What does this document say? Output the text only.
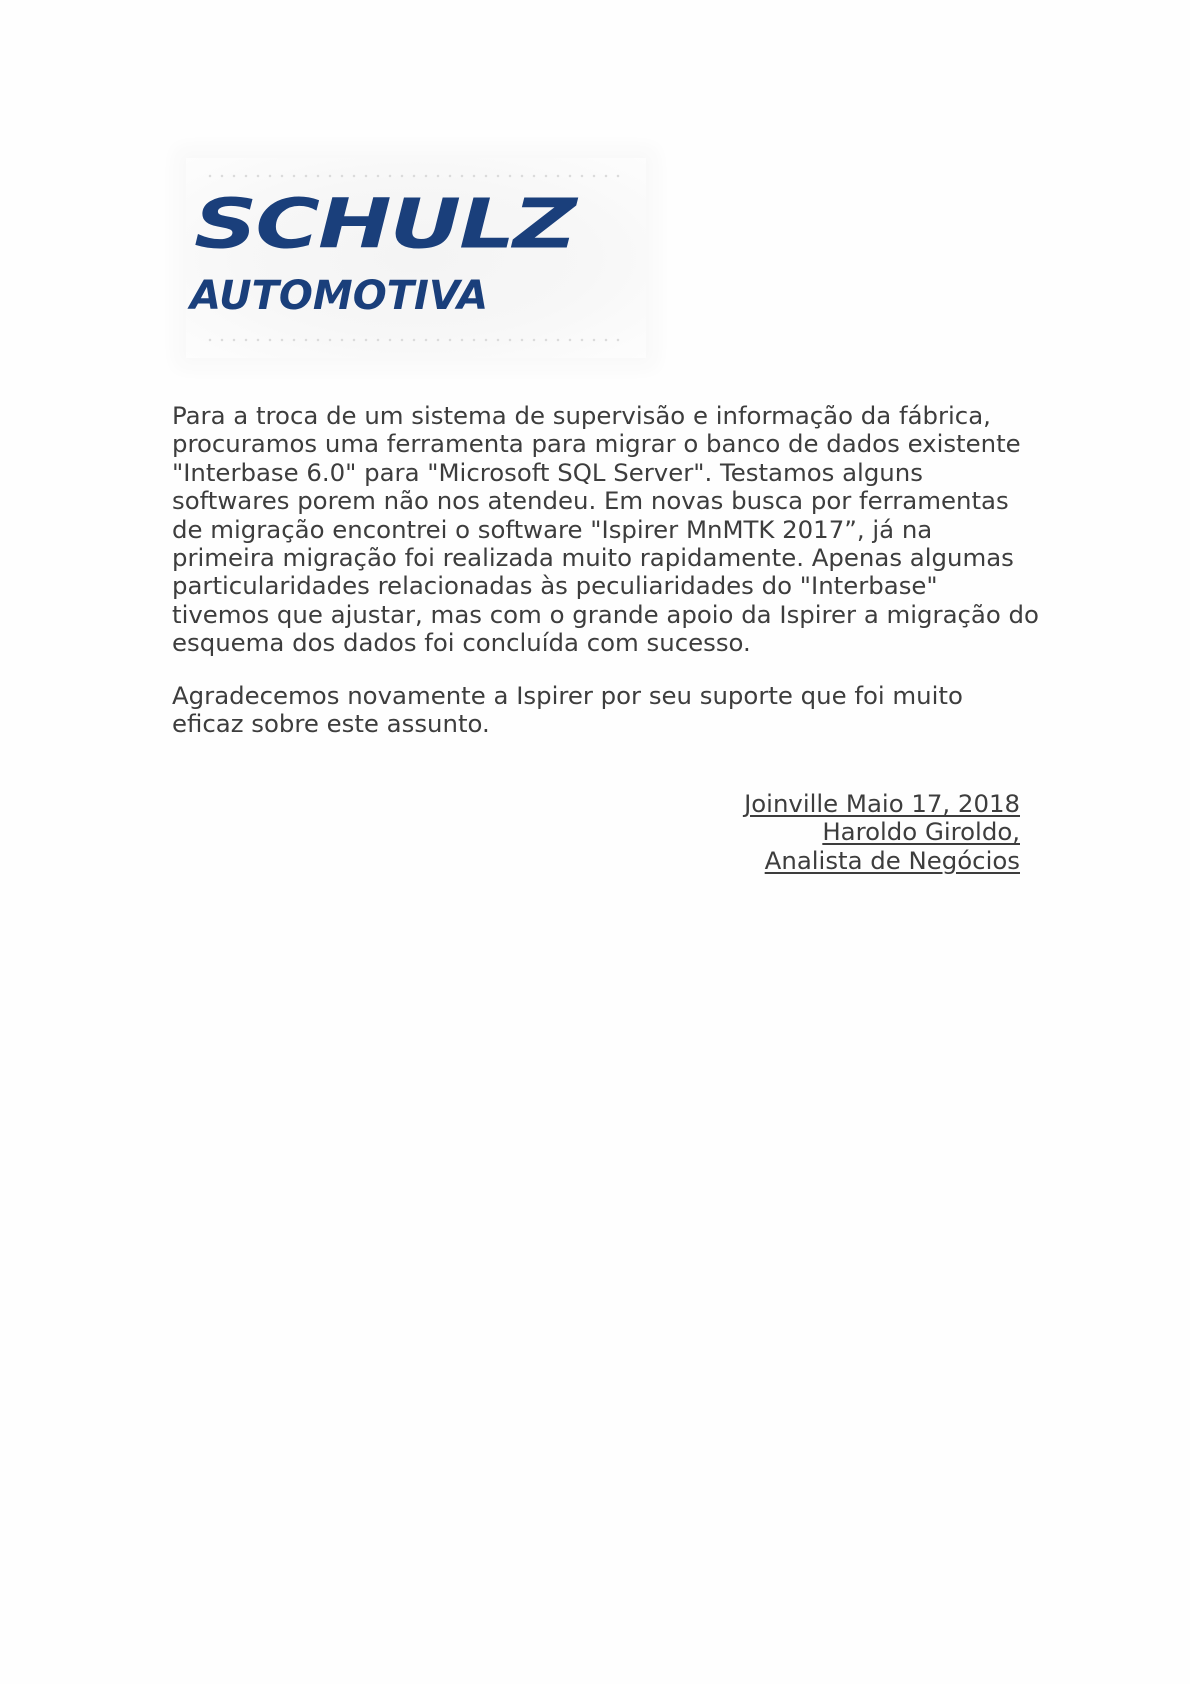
SCHULZ
AUTOMOTIVA

Para a troca de um sistema de supervisão e informação da fábrica, procuramos uma ferramenta para migrar o banco de dados existente "Interbase 6.0" para "Microsoft SQL Server". Testamos alguns softwares porem não nos atendeu. Em novas busca por ferramentas de migração encontrei o software "Ispirer MnMTK 2017”, já na primeira migração foi realizada muito rapidamente. Apenas algumas particularidades relacionadas às peculiaridades do "Interbase" tivemos que ajustar, mas com o grande apoio da Ispirer a migração do esquema dos dados foi concluída com sucesso.

Agradecemos novamente a Ispirer por seu suporte que foi muito eficaz sobre este assunto.

Joinville Maio 17, 2018
Haroldo Giroldo,
Analista de Negócios
